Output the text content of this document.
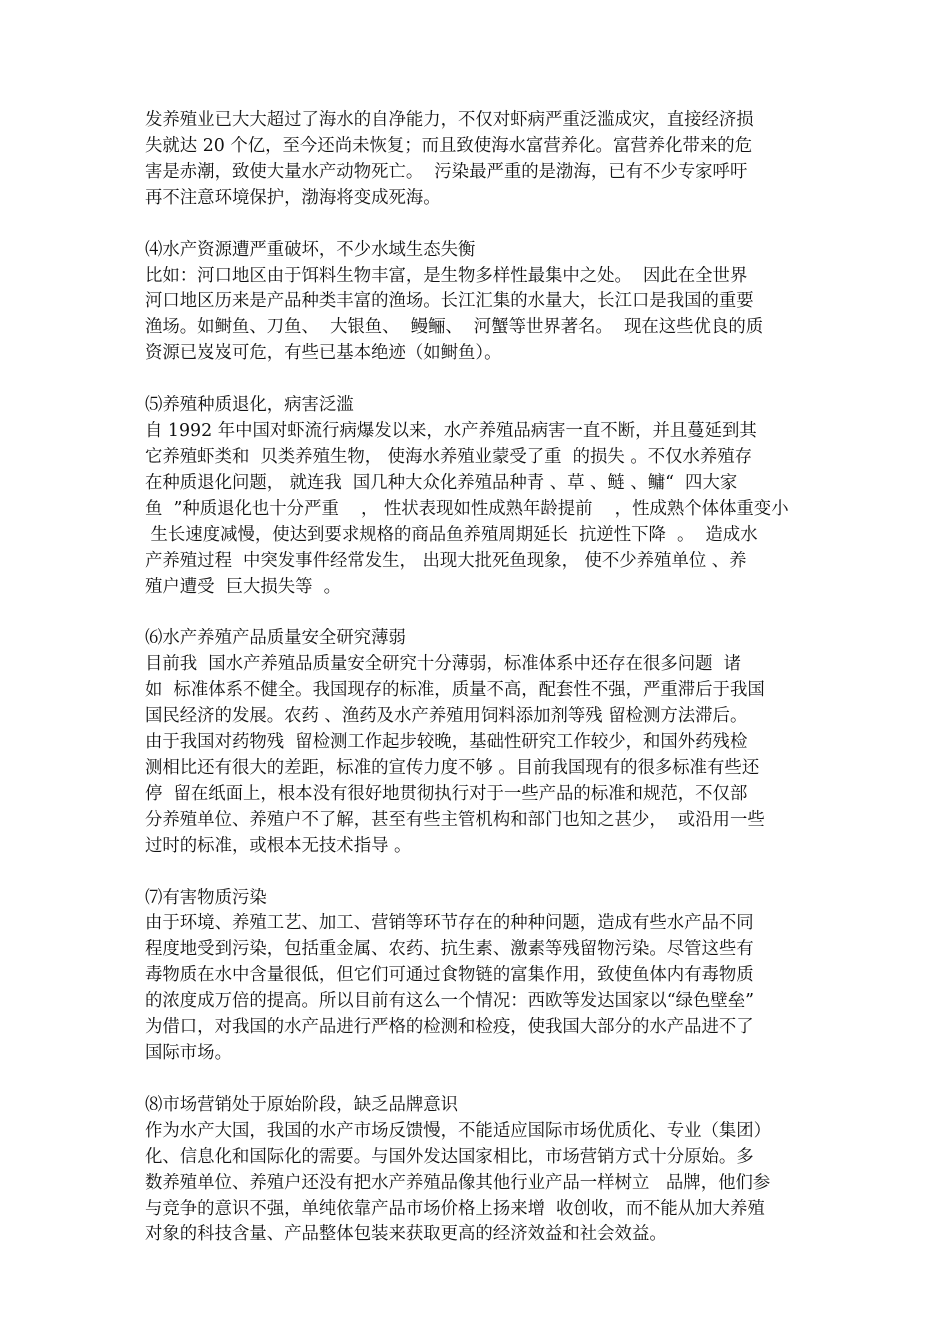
发养殖业已大大超过了海水的自净能力，不仅对虾病严重泛滥成灾，直接经济损
失就达 20 个亿，至今还尚未恢复；而且致使海水富营养化。富营养化带来的危
害是赤潮，致使大量水产动物死亡。  污染最严重的是渤海，已有不少专家呼吁
再不注意环境保护，渤海将变成死海。
⑷水产资源遭严重破坏，不少水域生态失衡
比如：河口地区由于饵料生物丰富，是生物多样性最集中之处。  因此在全世界
河口地区历来是产品种类丰富的渔场。长江汇集的水量大，长江口是我国的重要
渔场。如鲥鱼、刀鱼、  大银鱼、  鳗鲡、  河蟹等世界著名。  现在这些优良的质
资源已岌岌可危，有些已基本绝迹（如鲥鱼）。
⑸养殖种质退化，病害泛滥
自 1992 年中国对虾流行病爆发以来，水产养殖品病害一直不断，并且蔓延到其
它养殖虾类和  贝类养殖生物， 使海水养殖业蒙受了重  的损失 。不仅水养殖存
在种质退化问题， 就连我  国几种大众化养殖品种青 、草 、鲢 、鳙“  四大家
鱼  ”种质退化也十分严重    ， 性状表现如性成熟年龄提前    ，性成熟个体体重变小
生长速度减慢，使达到要求规格的商品鱼养殖周期延长  抗逆性下降  。  造成水
产养殖过程  中突发事件经常发生， 出现大批死鱼现象， 使不少养殖单位 、养
殖户遭受  巨大损失等  。
⑹水产养殖产品质量安全研究薄弱
目前我  国水产养殖品质量安全研究十分薄弱，标准体系中还存在很多问题  诸
如  标准体系不健全。我国现存的标准，质量不高，配套性不强，严重滞后于我国
国民经济的发展。农药 、渔药及水产养殖用饲料添加剂等残 留检测方法滞后。
由于我国对药物残  留检测工作起步较晚，基础性研究工作较少，和国外药残检
测相比还有很大的差距，标准的宣传力度不够 。目前我国现有的很多标准有些还
停  留在纸面上，根本没有很好地贯彻执行对于一些产品的标准和规范，不仅部
分养殖单位、养殖户不了解，甚至有些主管机构和部门也知之甚少，  或沿用一些
过时的标准，或根本无技术指导 。
⑺有害物质污染
由于环境、养殖工艺、加工、营销等环节存在的种种问题，造成有些水产品不同
程度地受到污染，包括重金属、农药、抗生素、激素等残留物污染。尽管这些有
毒物质在水中含量很低，但它们可通过食物链的富集作用，致使鱼体内有毒物质
的浓度成万倍的提高。所以目前有这么一个情况：西欧等发达国家以“绿色壁垒”
为借口，对我国的水产品进行严格的检测和检疫，使我国大部分的水产品进不了
国际市场。
⑻市场营销处于原始阶段，缺乏品牌意识
作为水产大国，我国的水产市场反馈慢，不能适应国际市场优质化、专业（集团）
化、信息化和国际化的需要。与国外发达国家相比，市场营销方式十分原始。多
数养殖单位、养殖户还没有把水产养殖品像其他行业产品一样树立   品牌，他们参
与竞争的意识不强，单纯依靠产品市场价格上扬来增  收创收，而不能从加大养殖
对象的科技含量、产品整体包装来获取更高的经济效益和社会效益。
